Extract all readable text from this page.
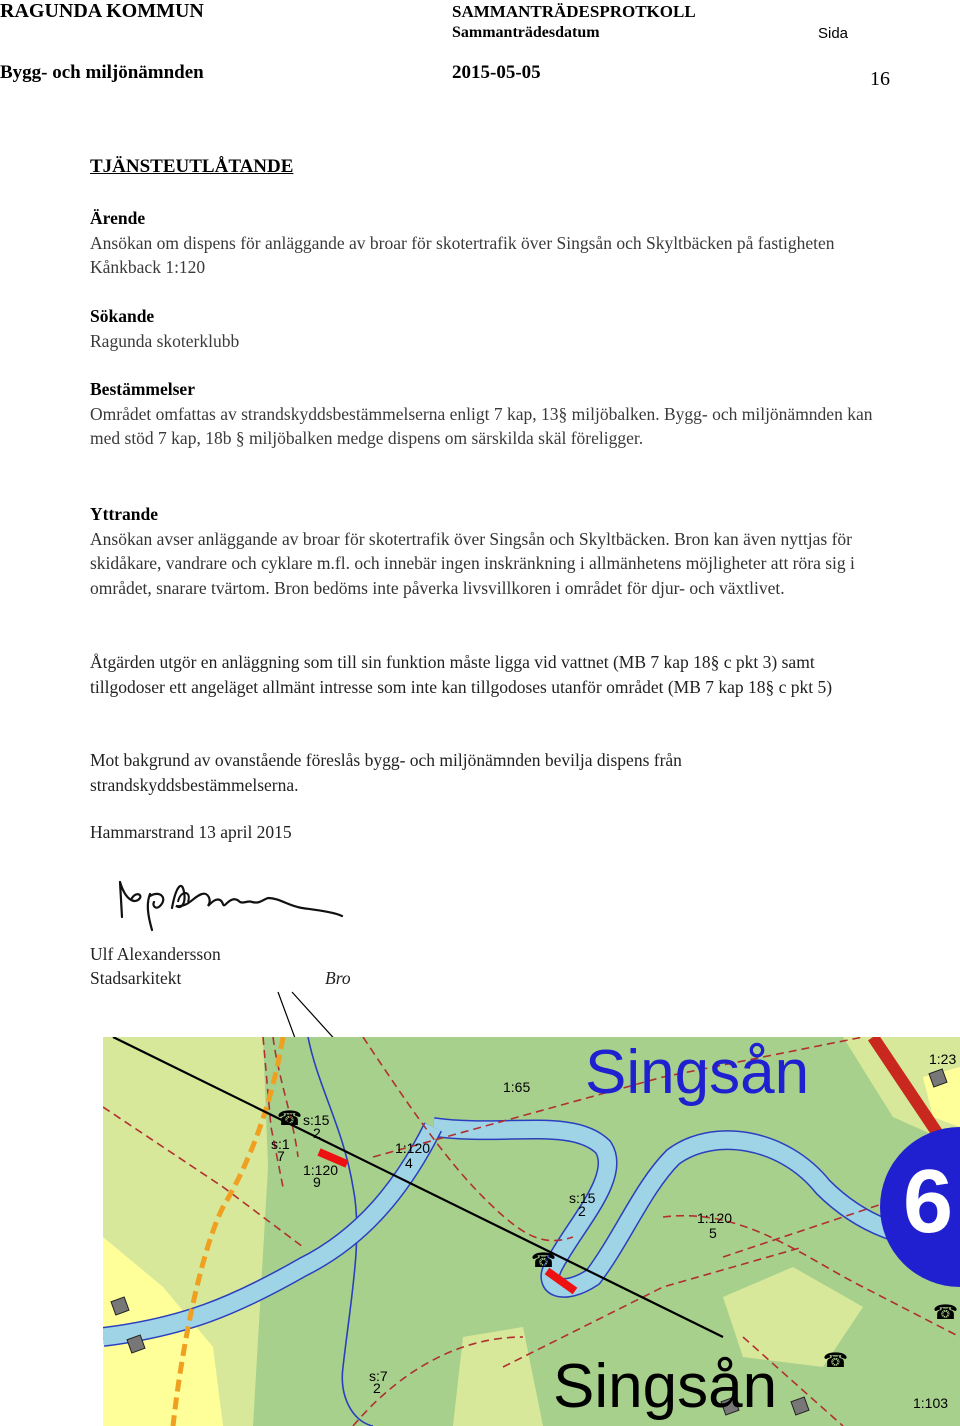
RAGUNDA KOMMUN
Bygg- och miljönämnden
SAMMANTRÄDESPROTKOLL
Sammanträdesdatum
2015-05-05
Sida
16
TJÄNSTEUTLÅTANDE

Ärende

Ansökan om dispens för anläggande av broar för skotertrafik över Singsån och Skyltbäcken på fastigheten Kånkback 1:120

Sökande

Ragunda skoterklubb

Bestämmelser

Området omfattas av strandskyddsbestämmelserna enligt 7 kap, 13§ miljöbalken. Bygg- och miljönämnden kan med stöd 7 kap, 18b § miljöbalken medge dispens om särskilda skäl föreligger.

Yttrande

Ansökan avser anläggande av broar för skotertrafik över Singsån och Skyltbäcken. Bron kan även nyttjas för skidåkare, vandrare och cyklare m.fl. och innebär ingen inskränkning i allmänhetens möjligheter att röra sig i området, snarare tvärtom. Bron bedöms inte påverka livsvillkoren i området för djur- och växtlivet.

Åtgärden utgör en anläggning som till sin funktion måste ligga vid vattnet (MB 7 kap 18§ c pkt 3) samt tillgodoser ett angeläget allmänt intresse som inte kan tillgodoses utanför området (MB 7 kap 18§ c pkt 5)

Mot bakgrund av ovanstående föreslås bygg- och miljönämnden bevilja dispens från strandskyddsbestämmelserna.

Hammarstrand 13 april 2015
Ulf Alexandersson
Stadsarkitekt	Bro
6
☎
☎
☎
☎
Singsån
Singsån
1:65
1:23
1:120
4
1:120
9
s:15
2
s:1
7
s:15
2	1:120
5
s:7
2
1:103
